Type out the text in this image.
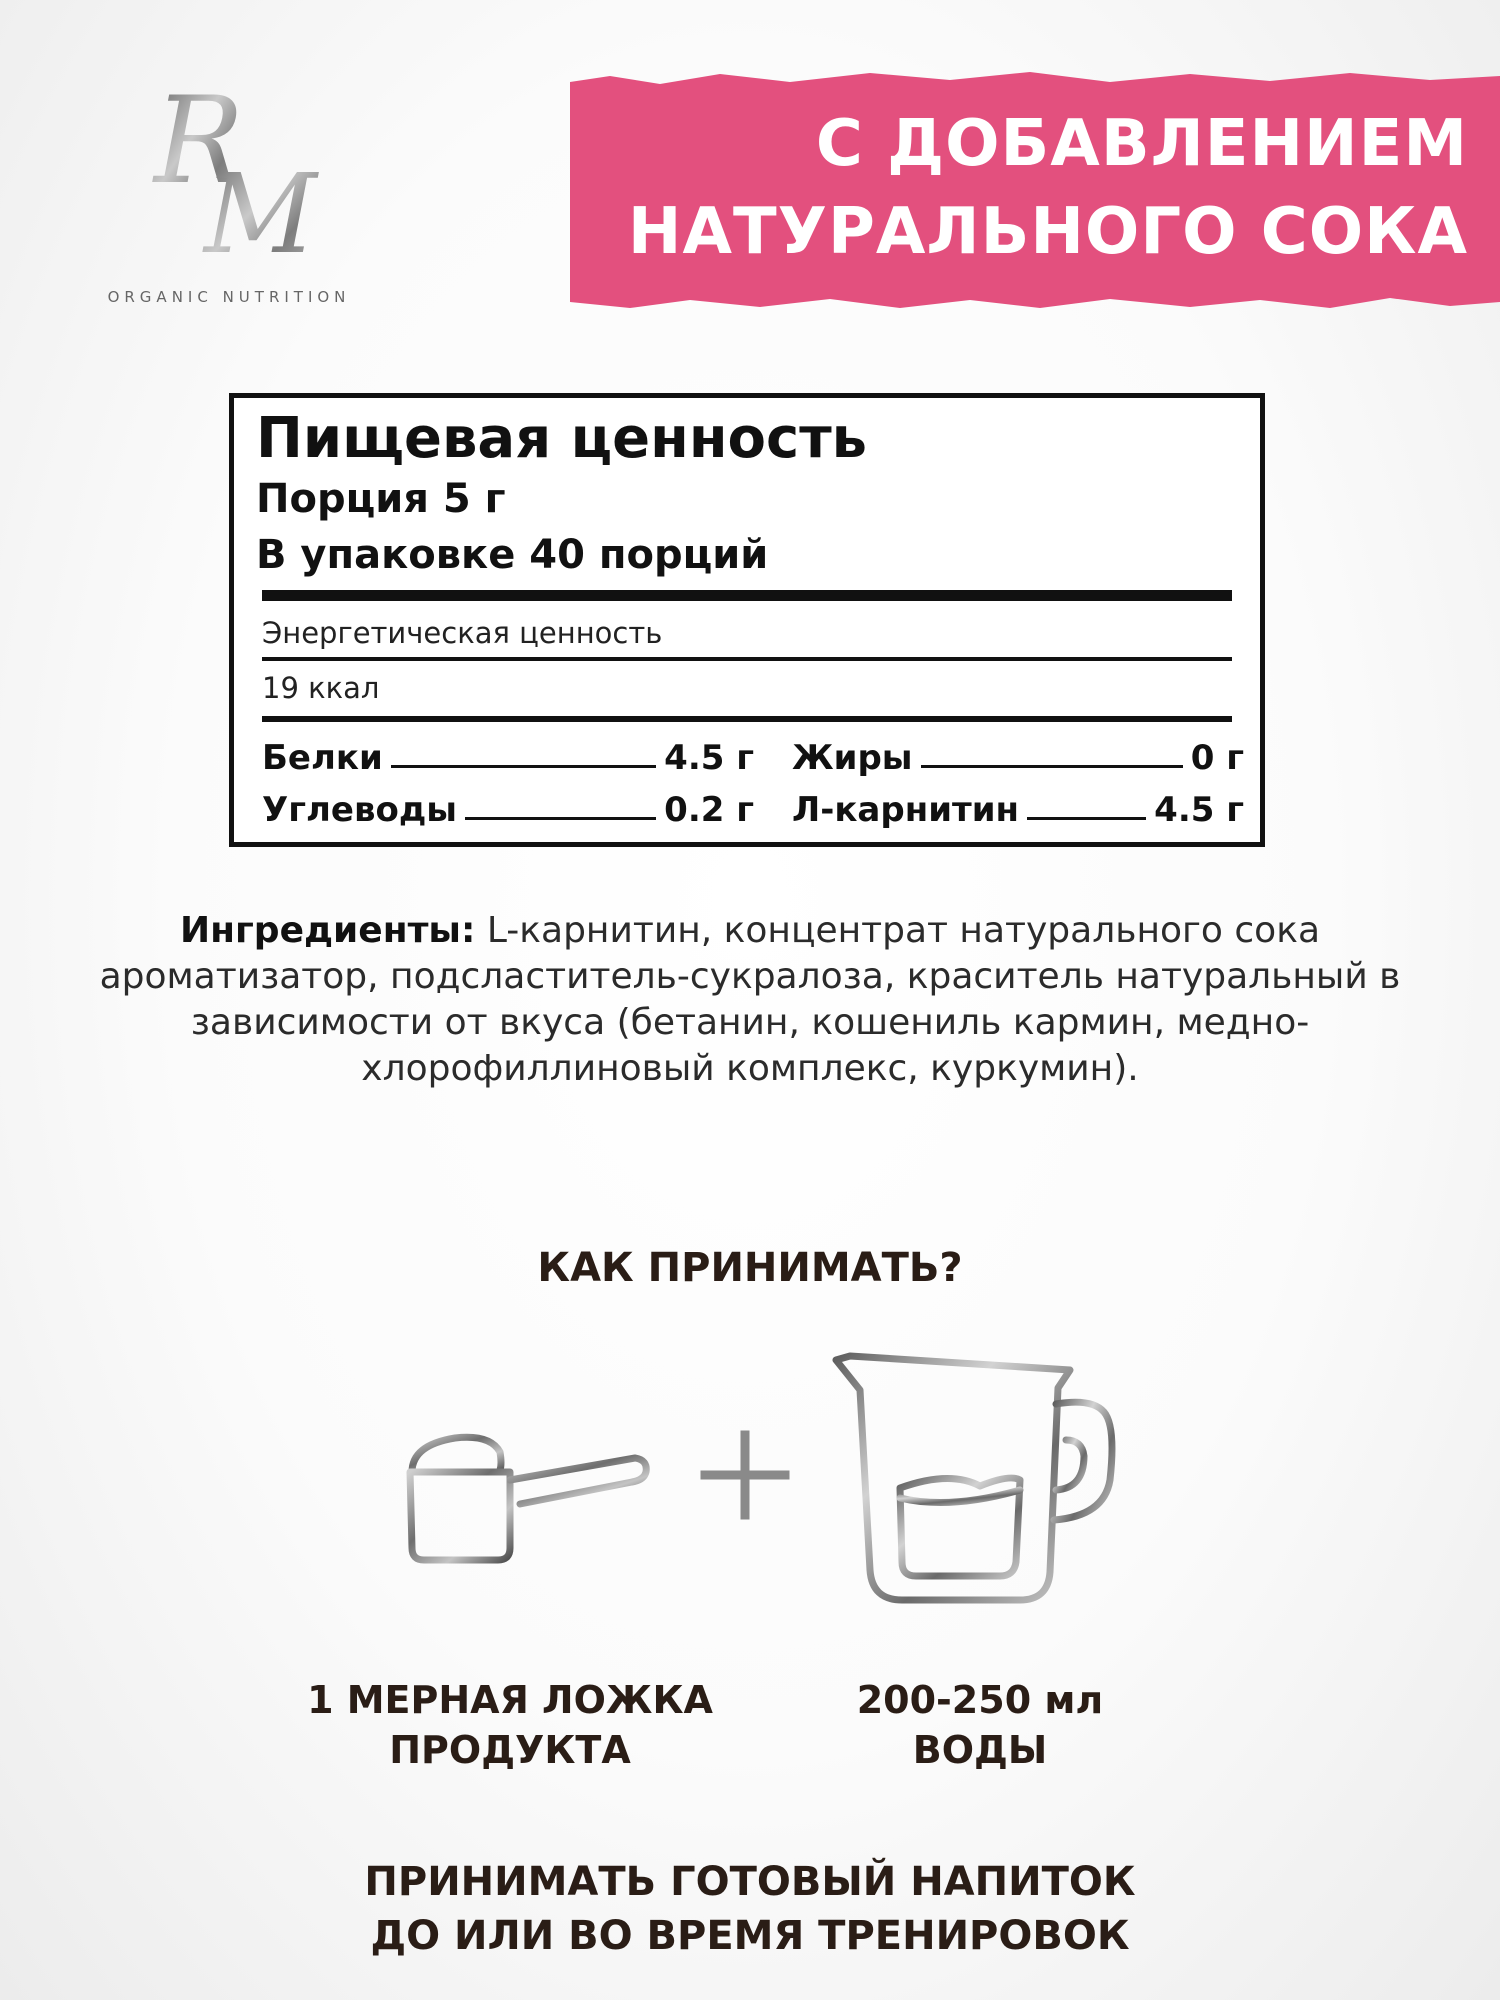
R
M
ORGANIC NUTRITION
С ДОБАВЛЕНИЕМ
НАТУРАЛЬНОГО СОКА
Пищевая ценность
Порция 5 г
В упаковке 40 порций
Энергетическая ценность
19 ккал
Белки	4.5 г Жиры	0 г
Углеводы	0.2 г Л-карнитин	4.5 г
Ингредиенты: L-карнитин, концентрат натурального сока ароматизатор, подсластитель-сукралоза, краситель натуральный в зависимости от вкуса (бетанин, кошениль кармин, медно-хлорофиллиновый комплекс, куркумин).
КАК ПРИНИМАТЬ?
1 МЕРНАЯ ЛОЖКА
ПРОДУКТА
200-250 мл
ВОДЫ
ПРИНИМАТЬ ГОТОВЫЙ НАПИТОК
ДО ИЛИ ВО ВРЕМЯ ТРЕНИРОВОК
